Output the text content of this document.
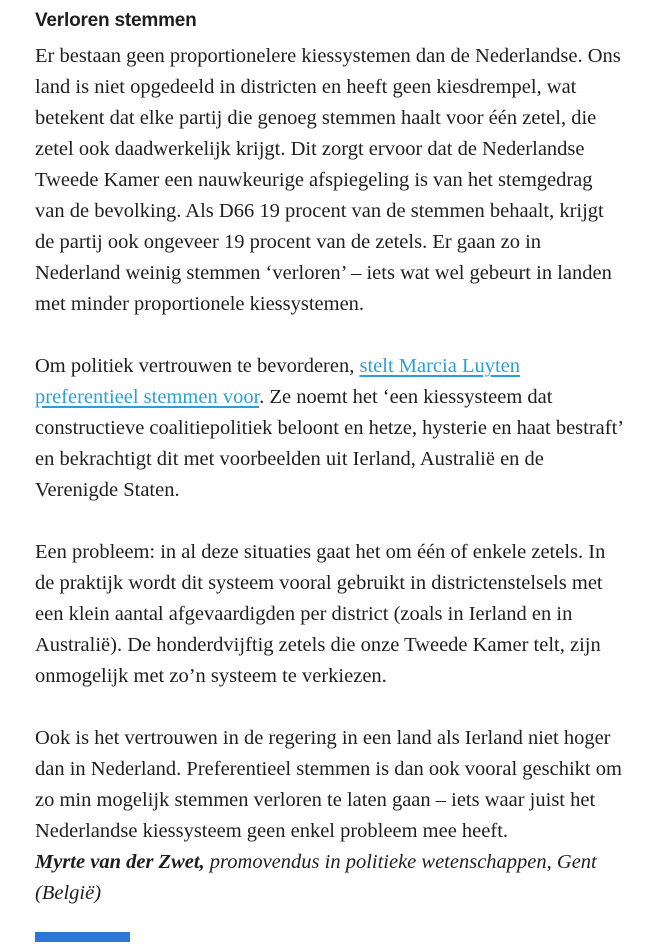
Verloren stemmen

Er bestaan geen proportionelere kiessystemen dan de Nederlandse. Ons land is niet opgedeeld in districten en heeft geen kiesdrempel, wat betekent dat elke partij die genoeg stemmen haalt voor één zetel, die zetel ook daadwerkelijk krijgt. Dit zorgt ervoor dat de Nederlandse Tweede Kamer een nauwkeurige afspiegeling is van het stemgedrag van de bevolking. Als D66 19 procent van de stemmen behaalt, krijgt de partij ook ongeveer 19 procent van de zetels. Er gaan zo in Nederland weinig stemmen ‘verloren’ – iets wat wel gebeurt in landen met minder proportionele kiessystemen.

Om politiek vertrouwen te bevorderen, stelt Marcia Luyten preferentieel stemmen voor. Ze noemt het ‘een kiessysteem dat constructieve coalitiepolitiek beloont en hetze, hysterie en haat bestraft’ en bekrachtigt dit met voorbeelden uit Ierland, Australië en de Verenigde Staten.

Een probleem: in al deze situaties gaat het om één of enkele zetels. In de praktijk wordt dit systeem vooral gebruikt in districtenstelsels met een klein aantal afgevaardigden per district (zoals in Ierland en in Australië). De honderdvijftig zetels die onze Tweede Kamer telt, zijn onmogelijk met zo’n systeem te verkiezen.

Ook is het vertrouwen in de regering in een land als Ierland niet hoger dan in Nederland. Preferentieel stemmen is dan ook vooral geschikt om zo min mogelijk stemmen verloren te laten gaan – iets waar juist het Nederlandse kiessysteem geen enkel probleem mee heeft.

Myrte van der Zwet, promovendus in politieke wetenschappen, Gent (België)
